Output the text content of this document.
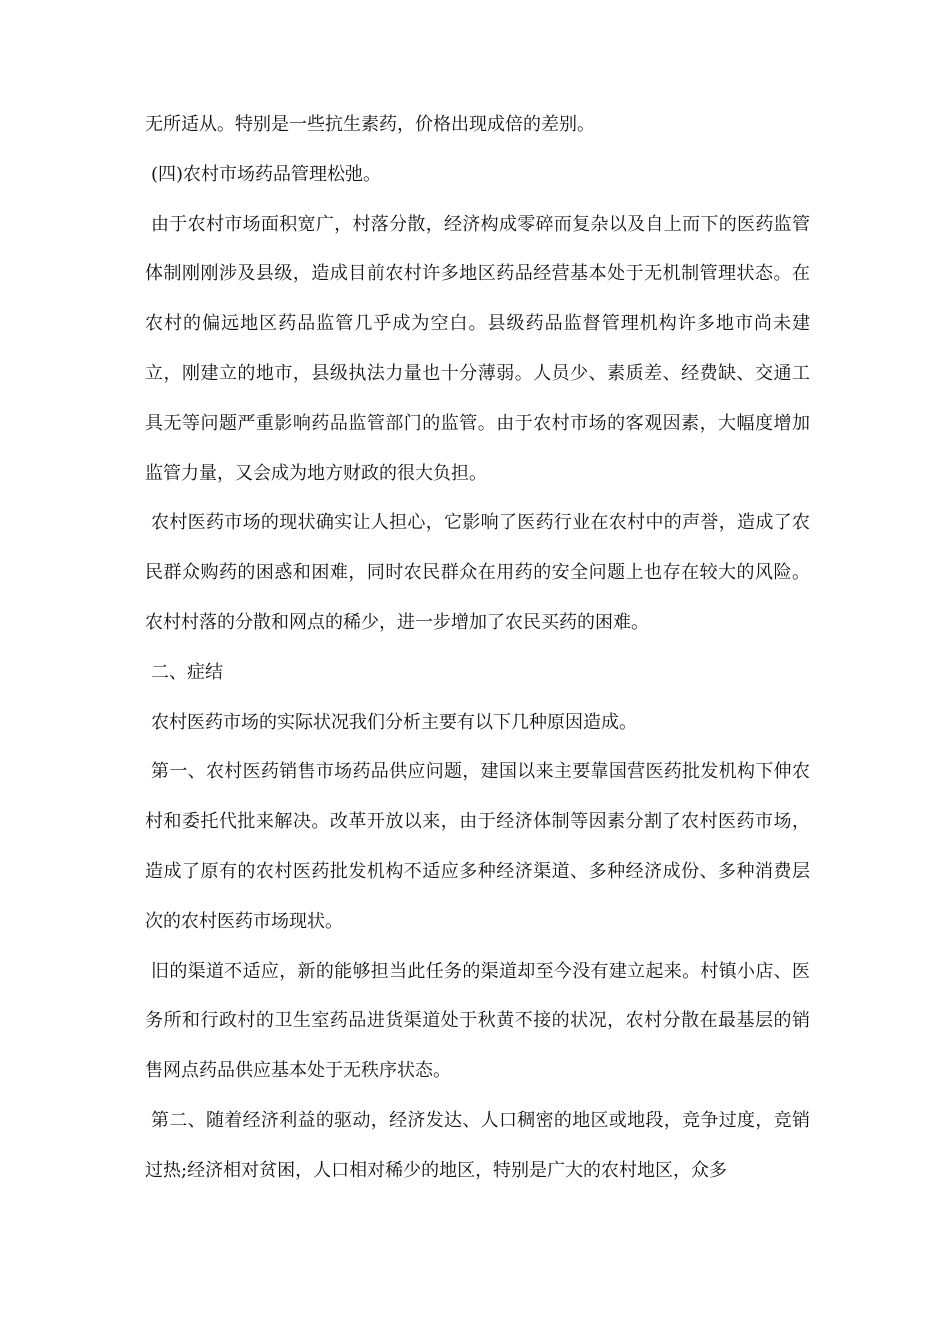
无所适从。特别是一些抗生素药，价格出现成倍的差别。

(四)农村市场药品管理松弛。

由于农村市场面积宽广，村落分散，经济构成零碎而复杂以及自上而下的医药监管体制刚刚涉及县级，造成目前农村许多地区药品经营基本处于无机制管理状态。在农村的偏远地区药品监管几乎成为空白。县级药品监督管理机构许多地市尚未建立，刚建立的地市，县级执法力量也十分薄弱。人员少、素质差、经费缺、交通工具无等问题严重影响药品监管部门的监管。由于农村市场的客观因素，大幅度增加监管力量，又会成为地方财政的很大负担。

农村医药市场的现状确实让人担心，它影响了医药行业在农村中的声誉，造成了农民群众购药的困惑和困难，同时农民群众在用药的安全问题上也存在较大的风险。农村村落的分散和网点的稀少，进一步增加了农民买药的困难。

二、症结

农村医药市场的实际状况我们分析主要有以下几种原因造成。

第一、农村医药销售市场药品供应问题，建国以来主要靠国营医药批发机构下伸农村和委托代批来解决。改革开放以来，由于经济体制等因素分割了农村医药市场，造成了原有的农村医药批发机构不适应多种经济渠道、多种经济成份、多种消费层次的农村医药市场现状。

旧的渠道不适应，新的能够担当此任务的渠道却至今没有建立起来。村镇小店、医务所和行政村的卫生室药品进货渠道处于秋黄不接的状况，农村分散在最基层的销售网点药品供应基本处于无秩序状态。

第二、随着经济利益的驱动，经济发达、人口稠密的地区或地段，竞争过度，竞销过热;经济相对贫困，人口相对稀少的地区，特别是广大的农村地区，众多
